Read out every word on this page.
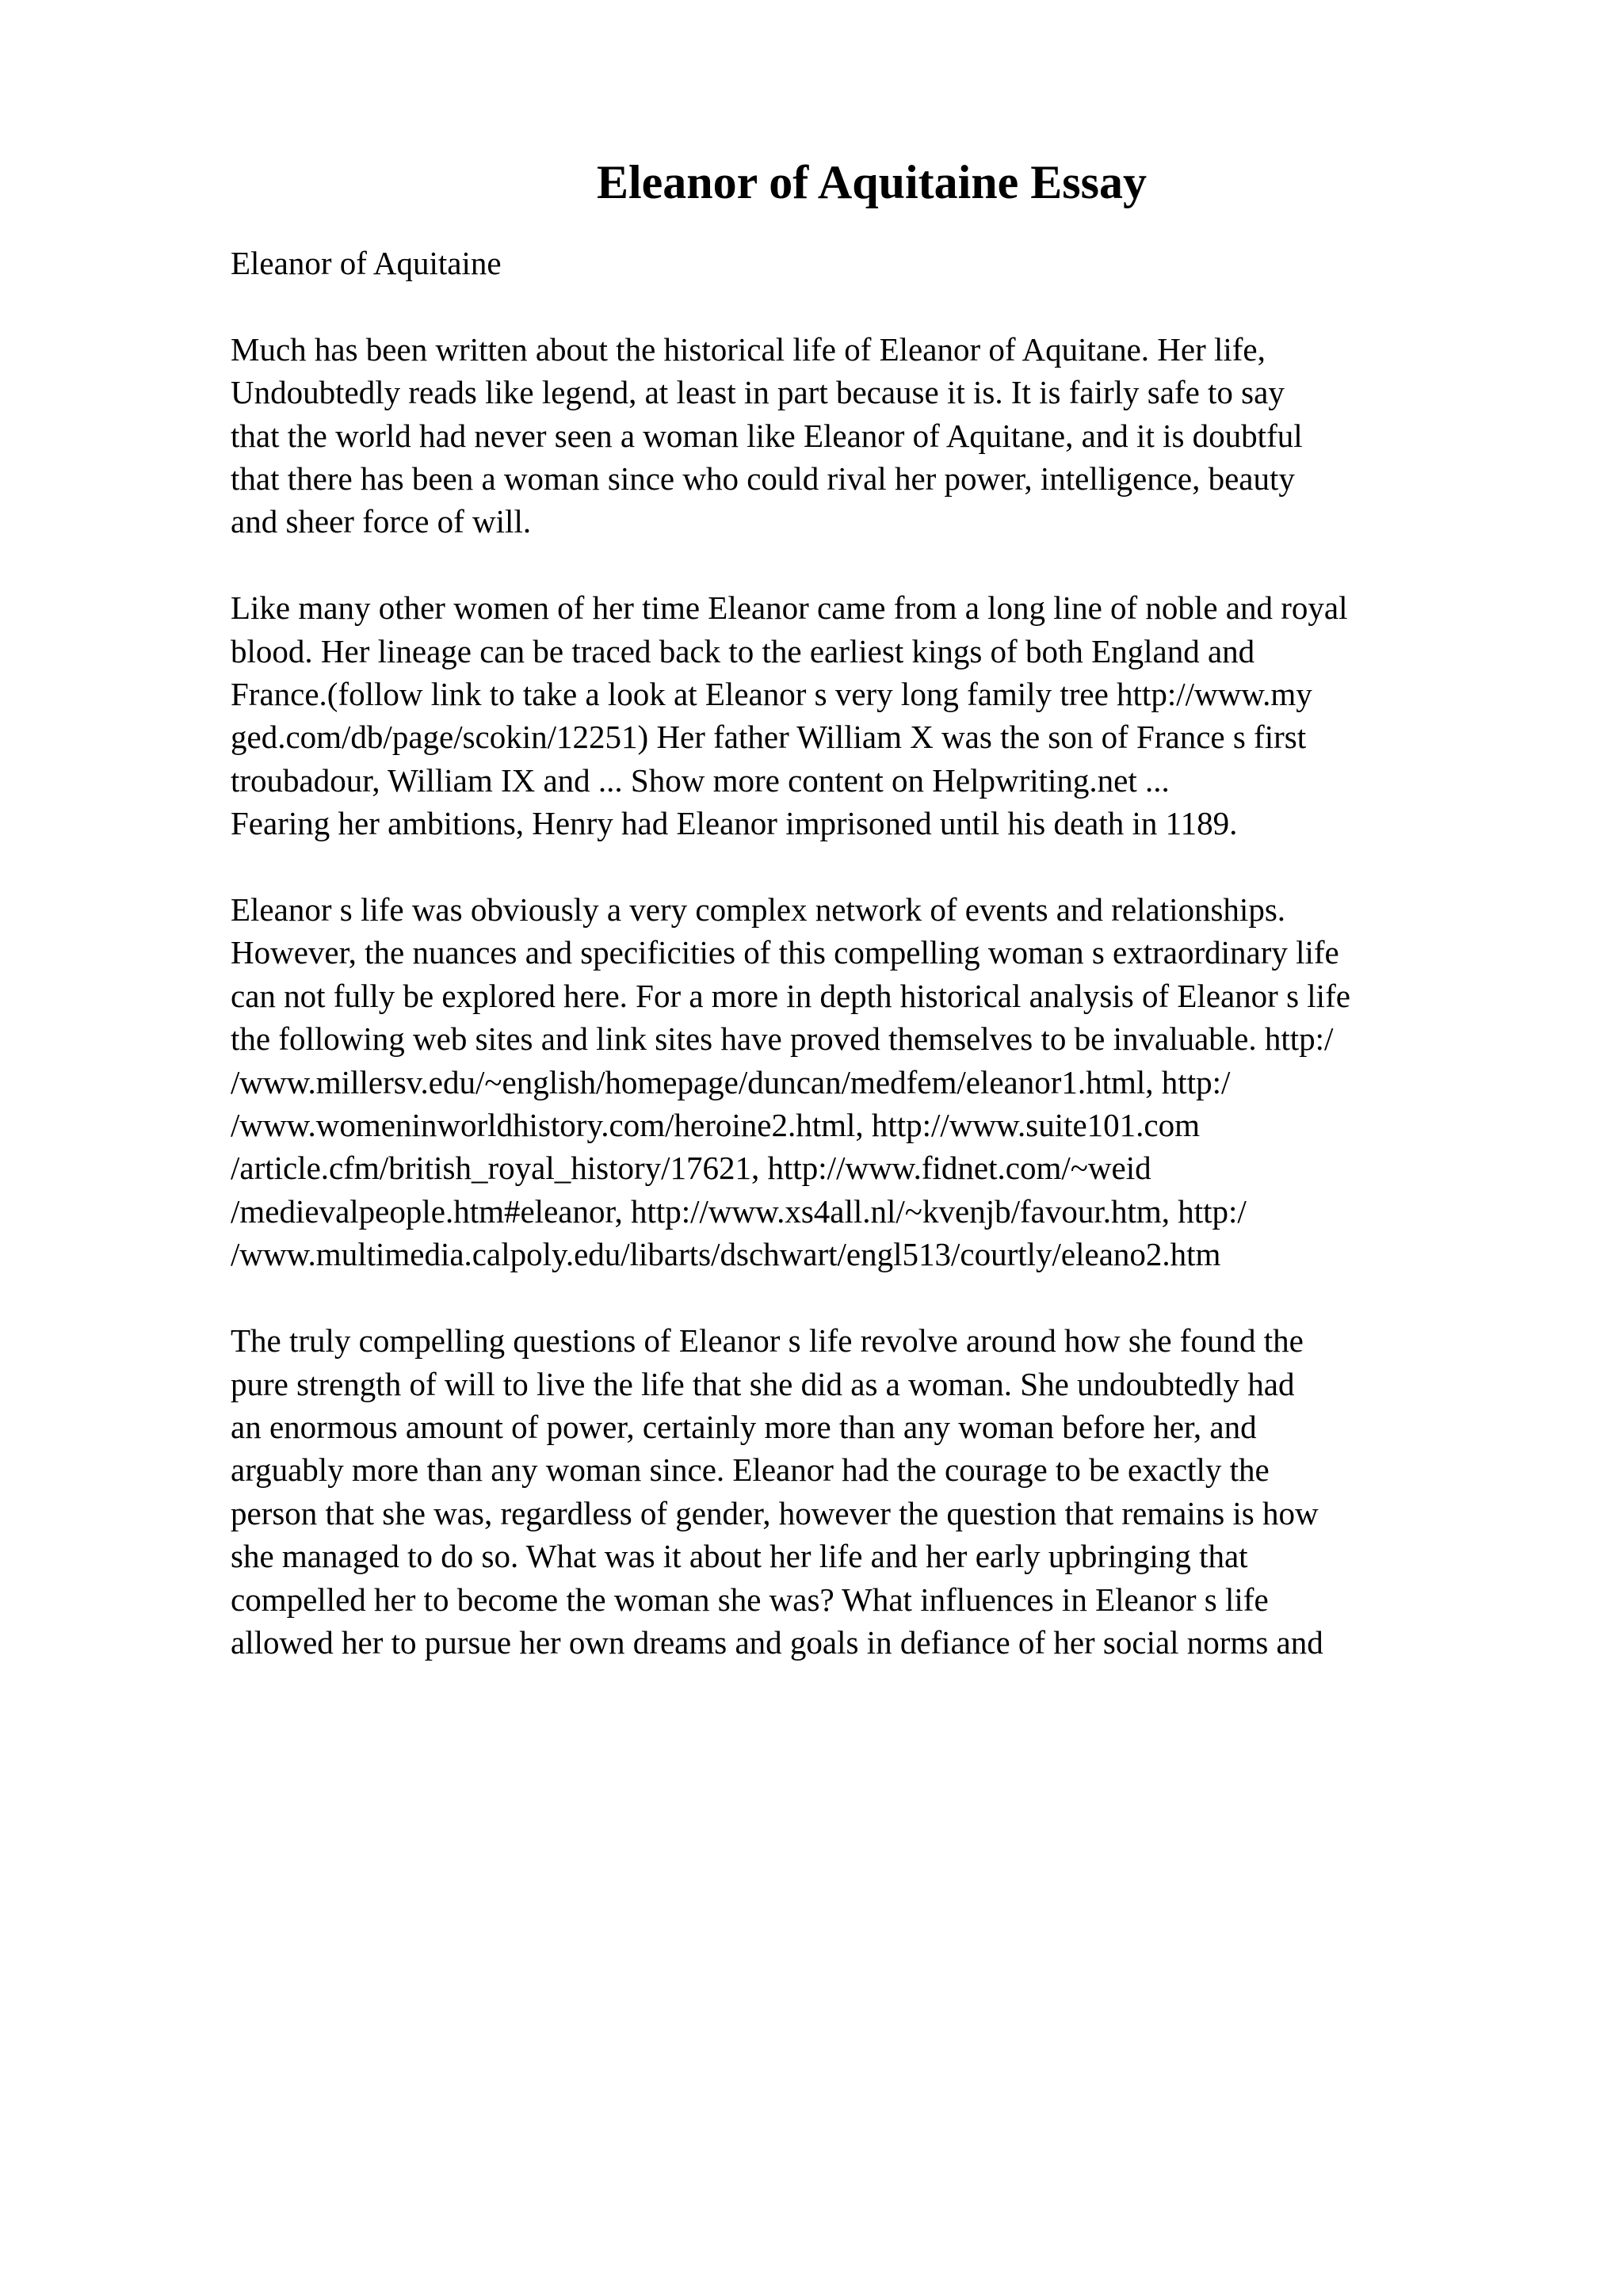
Eleanor of Aquitaine Essay

Eleanor of Aquitaine

Much has been written about the historical life of Eleanor of Aquitane. Her life,
Undoubtedly reads like legend, at least in part because it is. It is fairly safe to say
that the world had never seen a woman like Eleanor of Aquitane, and it is doubtful
that there has been a woman since who could rival her power, intelligence, beauty
and sheer force of will.

Like many other women of her time Eleanor came from a long line of noble and royal
blood. Her lineage can be traced back to the earliest kings of both England and
France.(follow link to take a look at Eleanor s very long family tree http://www.my
ged.com/db/page/scokin/12251) Her father William X was the son of France s first
troubadour, William IX and ... Show more content on Helpwriting.net ...
Fearing her ambitions, Henry had Eleanor imprisoned until his death in 1189.

Eleanor s life was obviously a very complex network of events and relationships.
However, the nuances and specificities of this compelling woman s extraordinary life
can not fully be explored here. For a more in depth historical analysis of Eleanor s life
the following web sites and link sites have proved themselves to be invaluable. http:/
/www.millersv.edu/~english/homepage/duncan/medfem/eleanor1.html, http:/
/www.womeninworldhistory.com/heroine2.html, http://www.suite101.com
/article.cfm/british_royal_history/17621, http://www.fidnet.com/~weid
/medievalpeople.htm#eleanor, http://www.xs4all.nl/~kvenjb/favour.htm, http:/
/www.multimedia.calpoly.edu/libarts/dschwart/engl513/courtly/eleano2.htm

The truly compelling questions of Eleanor s life revolve around how she found the
pure strength of will to live the life that she did as a woman. She undoubtedly had
an enormous amount of power, certainly more than any woman before her, and
arguably more than any woman since. Eleanor had the courage to be exactly the
person that she was, regardless of gender, however the question that remains is how
she managed to do so. What was it about her life and her early upbringing that
compelled her to become the woman she was? What influences in Eleanor s life
allowed her to pursue her own dreams and goals in defiance of her social norms and
